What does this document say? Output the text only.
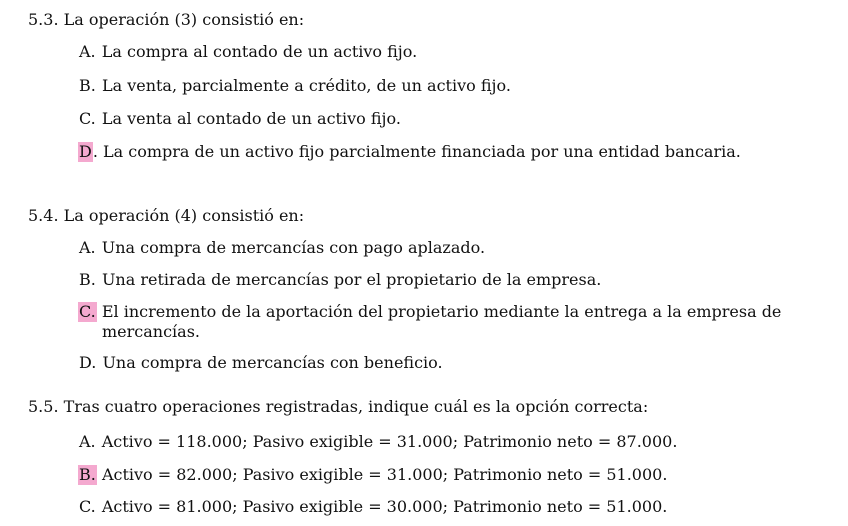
5.3. La operación (3) consistió en:
A. La compra al contado de un activo fijo.
B. La venta, parcialmente a crédito, de un activo fijo.
C. La venta al contado de un activo fijo.
D. La compra de un activo fijo parcialmente financiada por una entidad bancaria.
5.4. La operación (4) consistió en:
A. Una compra de mercancías con pago aplazado.
B. Una retirada de mercancías por el propietario de la empresa.
C. El incremento de la aportación del propietario mediante la entrega a la empresa de
mercancías.
D. Una compra de mercancías con beneficio.
5.5. Tras cuatro operaciones registradas, indique cuál es la opción correcta:
A. Activo = 118.000; Pasivo exigible = 31.000; Patrimonio neto = 87.000.
B. Activo = 82.000; Pasivo exigible = 31.000; Patrimonio neto = 51.000.
C. Activo = 81.000; Pasivo exigible = 30.000; Patrimonio neto = 51.000.
